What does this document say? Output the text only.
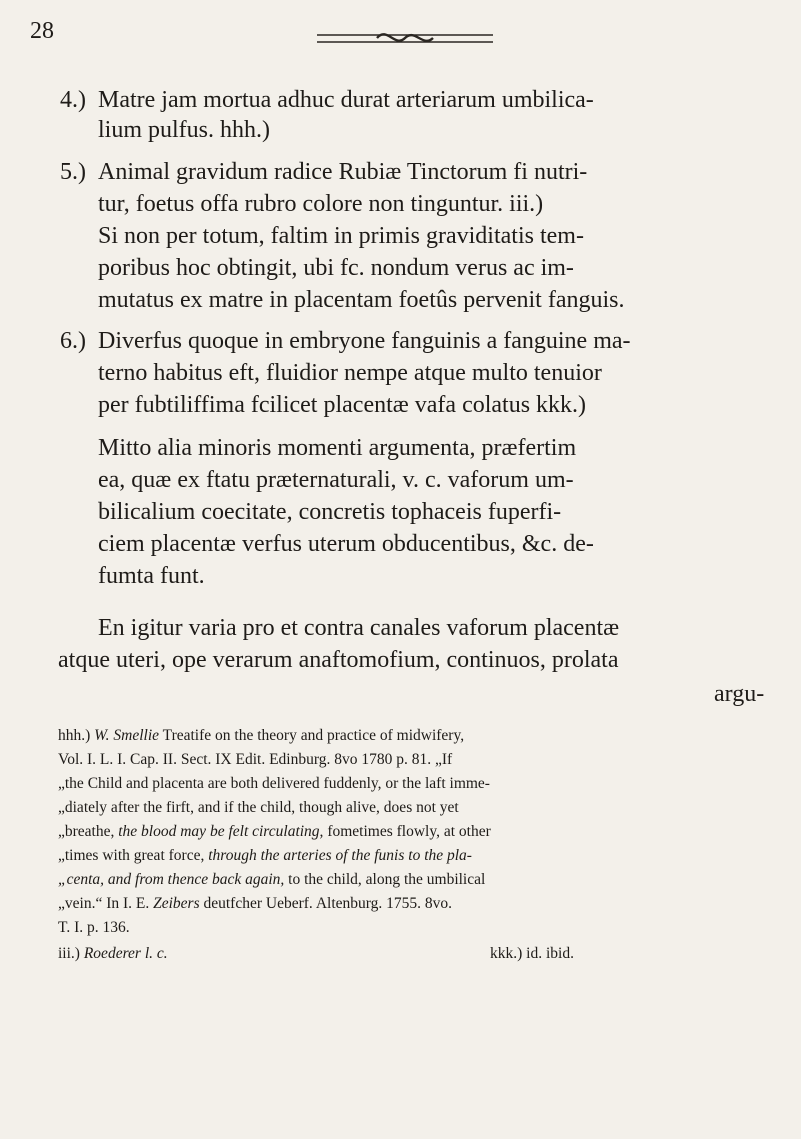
28
4.) Matre jam mortua adhuc durat arteriarum umbilica-
lium pulfus. hhh.)
5.) Animal gravidum radice Rubiæ Tinctorum fi nutri-
tur, foetus offa rubro colore non tinguntur. iii.)
Si non per totum, faltim in primis graviditatis tem-
poribus hoc obtingit, ubi fc. nondum verus ac im-
mutatus ex matre in placentam foetûs pervenit fanguis.
6.) Diverfus quoque in embryone fanguinis a fanguine ma-
terno habitus eft, fluidior nempe atque multo tenuior
per fubtiliffima fcilicet placentæ vafa colatus kkk.)
Mitto alia minoris momenti argumenta, præfertim
ea, quæ ex ftatu præternaturali, v. c. vaforum um-
bilicalium coecitate, concretis tophaceis fuperfi-
ciem placentæ verfus uterum obducentibus, &c. de-
fumta funt.
En igitur varia pro et contra canales vaforum placentæ
atque uteri, ope verarum anaftomofium, continuos, prolata
argu-
hhh.) W. Smellie Treatife on the theory and practice of midwifery,
Vol. I. L. I. Cap. II. Sect. IX Edit. Edinburg. 8vo 1780 p. 81. „If
„the Child and placenta are both delivered fuddenly, or the laft imme-
„diately after the firft, and if the child, though alive, does not yet
„breathe, the blood may be felt circulating, fometimes flowly, at other
„times with great force, through the arteries of the funis to the pla-
„centa, and from thence back again, to the child, along the umbilical
„vein.“ In I. E. Zeibers deutfcher Ueberf. Altenburg. 1755. 8vo.
T. I. p. 136.
iii.) Roederer l. c.	kkk.) id. ibid.
